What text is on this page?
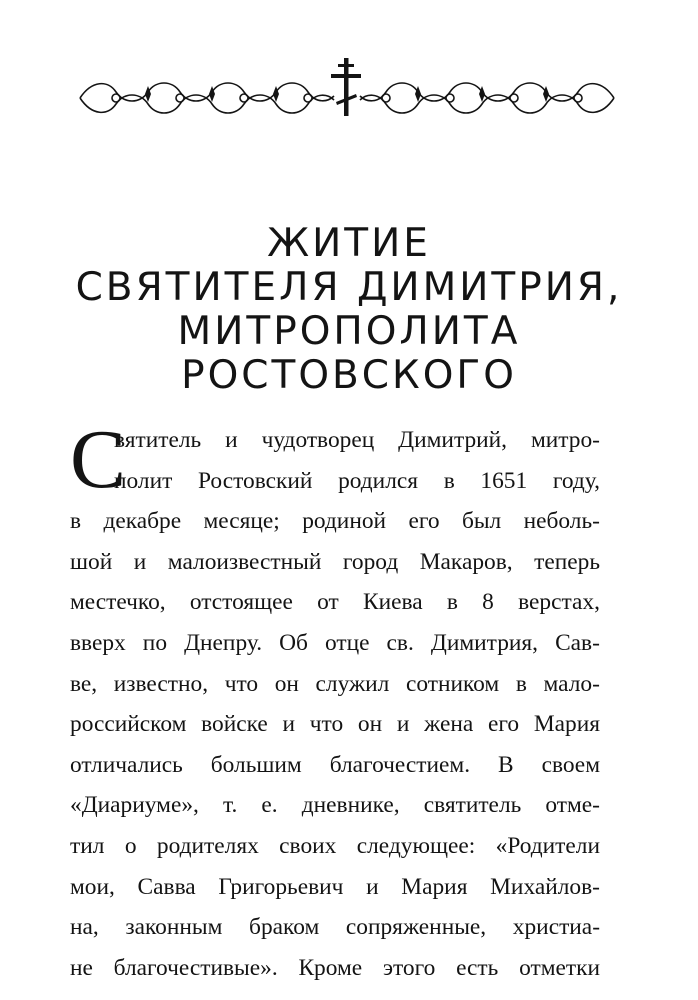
ЖИТИЕ
СВЯТИТЕЛЯ ДИМИТРИЯ,
МИТРОПОЛИТА
РОСТОВСКОГО
С
вятитель и чудотворец Димитрий, митро-
полит Ростовский родился в 1651 году,
в декабре месяце; родиной его был неболь-
шой и малоизвестный город Макаров, теперь
местечко, отстоящее от Киева в 8 верстах,
вверх по Днепру. Об отце св. Димитрия, Сав-
ве, известно, что он служил сотником в мало-
российском войске и что он и жена его Мария
отличались большим благочестием. В своем
«Диариуме», т. е. дневнике, святитель отме-
тил о родителях своих следующее: «Родители
мои, Савва Григорьевич и Мария Михайлов-
на, законным браком сопряженные, христиа-
не благочестивые». Кроме этого есть отметки
